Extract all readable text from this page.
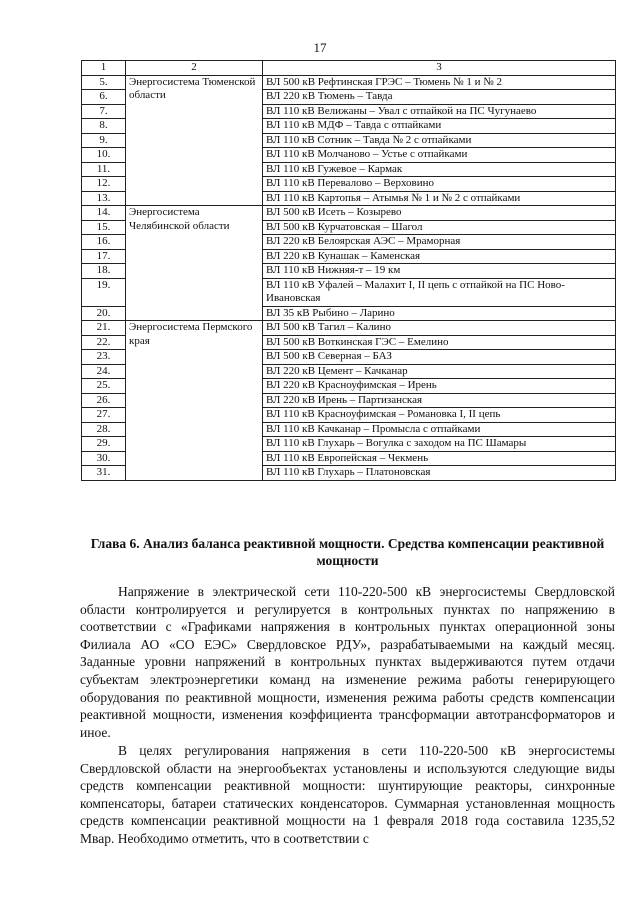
17
1	2	3
5.	Энергосистема Тюменской области	ВЛ 500 кВ Рефтинская ГРЭС – Тюмень № 1 и № 2
6.		ВЛ 220 кВ Тюмень – Тавда
7.		ВЛ 110 кВ Велижаны – Увал с отпайкой на ПС Чугунаево
8.		ВЛ 110 кВ МДФ – Тавда с отпайками
9.		ВЛ 110 кВ Сотник – Тавда № 2 с отпайками
10.		ВЛ 110 кВ Молчаново – Устье с отпайками
11.		ВЛ 110 кВ Гужевое – Кармак
12.		ВЛ 110 кВ Перевалово – Верховино
13.		ВЛ 110 кВ Картопья – Атымья № 1 и № 2 с отпайками
14.	Энергосистема Челябинской области	ВЛ 500 кВ Исеть – Козырево
15.		ВЛ 500 кВ Курчатовская – Шагол
16.		ВЛ 220 кВ Белоярская АЭС – Мраморная
17.		ВЛ 220 кВ Кунашак – Каменская
18.		ВЛ 110 кВ Нижняя-т – 19 км
19.		ВЛ 110 кВ Уфалей – Малахит I, II цепь с отпайкой на ПС Ново-Ивановская
20.		ВЛ 35 кВ Рыбино – Ларино
21.	Энергосистема Пермского края	ВЛ 500 кВ Тагил – Калино
22.		ВЛ 500 кВ Воткинская ГЭС – Емелино
23.		ВЛ 500 кВ Северная – БАЗ
24.		ВЛ 220 кВ Цемент – Качканар
25.		ВЛ 220 кВ Красноуфимская – Ирень
26.		ВЛ 220 кВ Ирень – Партизанская
27.		ВЛ 110 кВ Красноуфимская – Романовка I, II цепь
28.		ВЛ 110 кВ Качканар – Промысла с отпайками
29.		ВЛ 110 кВ Глухарь – Вогулка с заходом на ПС Шамары
30.		ВЛ 110 кВ Европейская – Чекмень
31.		ВЛ 110 кВ Глухарь – Платоновская
Глава 6. Анализ баланса реактивной мощности. Средства компенсации реактивной мощности

Напряжение в электрической сети 110-220-500 кВ энергосистемы Свердловской области контролируется и регулируется в контрольных пунктах по напряжению в соответствии с «Графиками напряжения в контрольных пунктах операционной зоны Филиала АО «СО ЕЭС» Свердловское РДУ», разрабатываемыми на каждый месяц. Заданные уровни напряжений в контрольных пунктах выдерживаются путем отдачи субъектам электроэнергетики команд на изменение режима работы генерирующего оборудования по реактивной мощности, изменения режима работы средств компенсации реактивной мощности, изменения коэффициента трансформации автотрансформаторов и иное.

В целях регулирования напряжения в сети 110-220-500 кВ энергосистемы Свердловской области на энергообъектах установлены и используются следующие виды средств компенсации реактивной мощности: шунтирующие реакторы, синхронные компенсаторы, батареи статических конденсаторов. Суммарная установленная мощность средств компенсации реактивной мощности на 1 февраля 2018 года составила 1235,52 Мвар. Необходимо отметить, что в соответствии с
